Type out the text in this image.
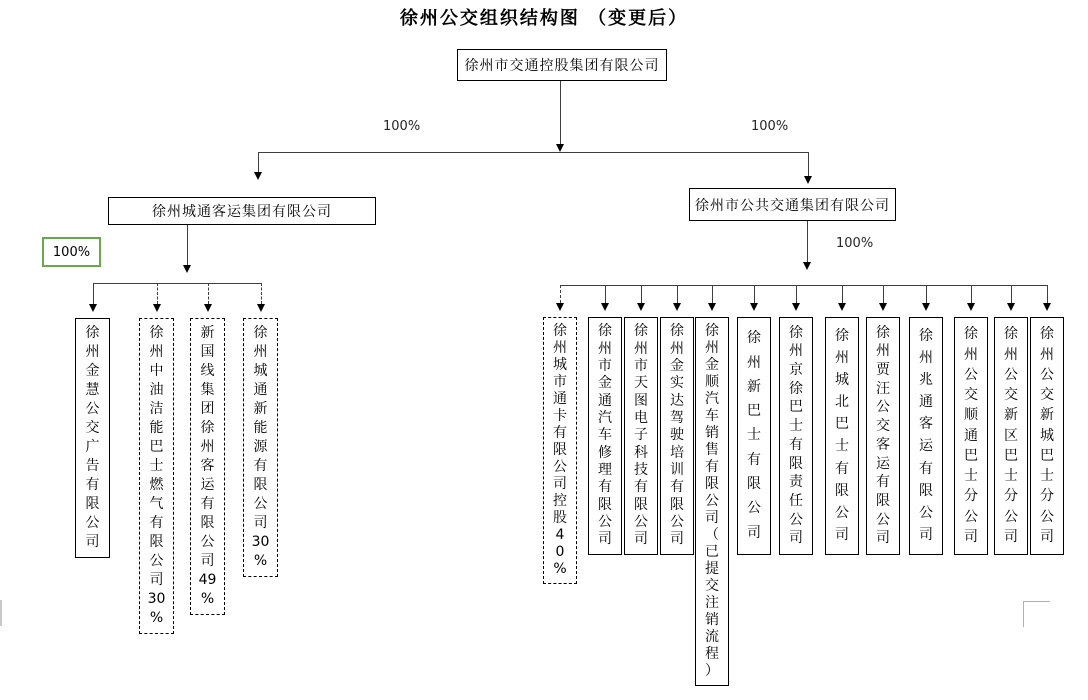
徐州公交组织结构图 （变更后）
徐州市交通控股集团有限公司
100%	100%
徐州城通客运集团有限公司	徐州市公共交通集团有限公司
100%
100%
徐
州
金
慧
公
交
广
告
有
限
公
司
徐
州
中
油
洁
能
巴
士
燃
气
有
限
公
司
30
%
新
国
线
集
团
徐
州
客
运
有
限
公
司
49
%
徐
州
城
通
新
能
源
有
限
公
司
30
%
徐
州
城
市
通
卡
有
限
公
司
控
股
4
0
%
徐
州
市
金
通
汽
车
修
理
有
限
公
司
徐
州
市
天
图
电
子
科
技
有
限
公
司
徐
州
金
实
达
驾
驶
培
训
有
限
公
司
徐
州
金
顺
汽
车
销
售
有
限
公
司
（
已
提
交
注
销
流
程
）
徐
州
新
巴
士
有
限
公
司
徐
州
京
徐
巴
士
有
限
责
任
公
司
徐
州
城
北
巴
士
有
限
公
司
徐
州
贾
汪
公
交
客
运
有
限
公
司
徐
州
兆
通
客
运
有
限
公
司
徐
州
公
交
顺
通
巴
士
分
公
司
徐
州
公
交
新
区
巴
士
分
公
司
徐
州
公
交
新
城
巴
士
分
公
司
